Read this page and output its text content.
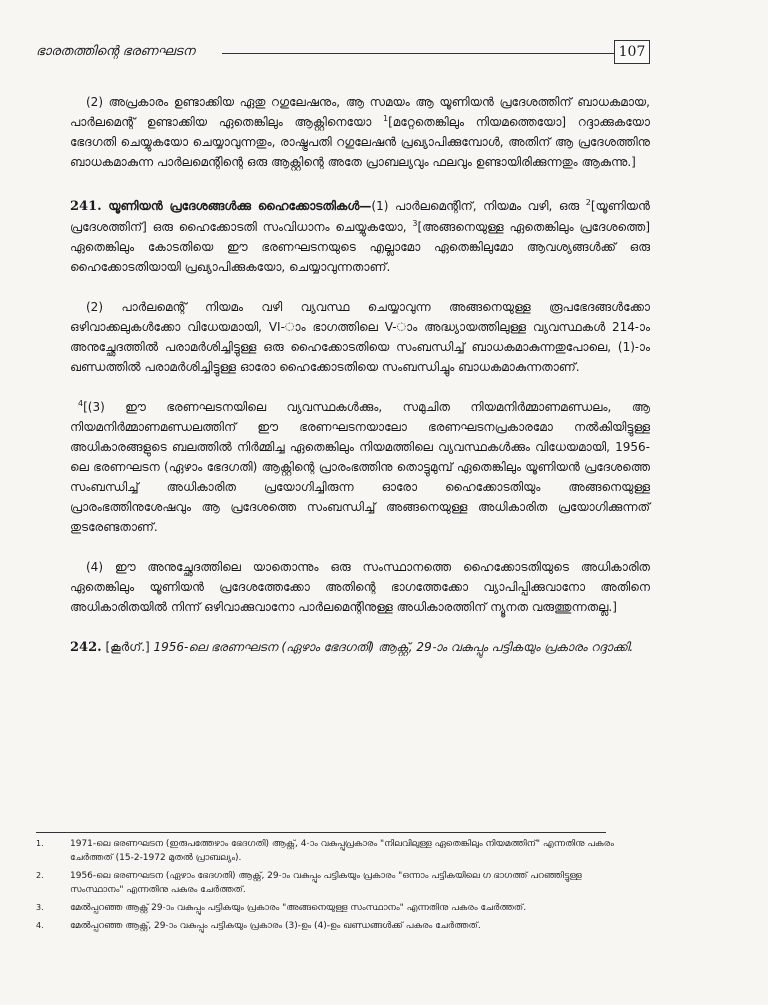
ഭാരതത്തിന്റെ ഭരണഘടന	107

(2) അപ്രകാരം ഉണ്ടാക്കിയ ഏതു റഗുലേഷനും, ആ സമയം ആ യൂണിയൻ പ്രദേശത്തിന് ബാധകമായ, പാർലമെന്റ് ഉണ്ടാക്കിയ ഏതെങ്കിലും ആക്റ്റിനെയോ $^1$[മറ്റേതെങ്കിലും നിയമത്തെയോ] റദ്ദാക്കുകയോ ഭേദഗതി ചെയ്യുകയോ ചെയ്യാവുന്നതും, രാഷ്ട്രപതി റഗുലേഷൻ പ്രഖ്യാപിക്കുമ്പോൾ, അതിന് ആ പ്രദേശത്തിനു ബാധകമാകുന്ന പാർലമെന്റിന്റെ ഒരു ആക്റ്റിന്റെ അതേ പ്രാബല്യവും ഫലവും ഉണ്ടായിരിക്കുന്നതും ആകുന്നു.]

241. യൂണിയൻ പ്രദേശങ്ങൾക്കു ഹൈക്കോടതികൾ—(1) പാർലമെന്റിന്, നിയമം വഴി, ഒരു $^2$[യൂണിയൻ പ്രദേശത്തിന്] ഒരു ഹൈക്കോടതി സംവിധാനം ചെയ്യുകയോ, $^3$[അങ്ങനെയുള്ള ഏതെങ്കിലും പ്രദേശത്തെ] ഏതെങ്കിലും കോടതിയെ ഈ ഭരണഘടനയുടെ എല്ലാമോ ഏതെങ്കിലുമോ ആവശ്യങ്ങൾക്ക് ഒരു ഹൈക്കോടതിയായി പ്രഖ്യാപിക്കുകയോ, ചെയ്യാവുന്നതാണ്.

(2) പാർലമെന്റ് നിയമം വഴി വ്യവസ്ഥ ചെയ്യാവുന്ന അങ്ങനെയുള്ള രൂപഭേദങ്ങൾക്കോ ഒഴിവാക്കലുകൾക്കോ വിധേയമായി, VI-ാം ഭാഗത്തിലെ V-ാം അദ്ധ്യായത്തിലുള്ള വ്യവസ്ഥകൾ 214-ാം അനുച്ഛേദത്തിൽ പരാമർശിച്ചിട്ടുള്ള ഒരു ഹൈക്കോടതിയെ സംബന്ധിച്ച് ബാധകമാകുന്നതുപോലെ, (1)-ാം ഖണ്ഡത്തിൽ പരാമർശിച്ചിട്ടുള്ള ഓരോ ഹൈക്കോടതിയെ സംബന്ധിച്ചും ബാധകമാകുന്നതാണ്.

$^4$[(3) ഈ ഭരണഘടനയിലെ വ്യവസ്ഥകൾക്കും, സമുചിത നിയമനിർമ്മാണമണ്ഡലം, ആ നിയമനിർമ്മാണമണ്ഡലത്തിന് ഈ ഭരണഘടനയാലോ ഭരണഘടനപ്രകാരമോ നൽകിയിട്ടുള്ള അധികാരങ്ങളുടെ ബലത്തിൽ നിർമ്മിച്ച ഏതെങ്കിലും നിയമത്തിലെ വ്യവസ്ഥകൾക്കും വിധേയമായി, 1956-ലെ ഭരണഘടന (ഏഴാം ഭേദഗതി) ആക്റ്റിന്റെ പ്രാരംഭത്തിനു തൊട്ടുമുമ്പ് ഏതെങ്കിലും യൂണിയൻ പ്രദേശത്തെ സംബന്ധിച്ച് അധികാരിത പ്രയോഗിച്ചിരുന്ന ഓരോ ഹൈക്കോടതിയും അങ്ങനെയുള്ള പ്രാരംഭത്തിനുശേഷവും ആ പ്രദേശത്തെ സംബന്ധിച്ച് അങ്ങനെയുള്ള അധികാരിത പ്രയോഗിക്കുന്നത് തുടരേണ്ടതാണ്.

(4) ഈ അനുച്ഛേദത്തിലെ യാതൊന്നും ഒരു സംസ്ഥാനത്തെ ഹൈക്കോടതിയുടെ അധികാരിത ഏതെങ്കിലും യൂണിയൻ പ്രദേശത്തേക്കോ അതിന്റെ ഭാഗത്തേക്കോ വ്യാപിപ്പിക്കുവാനോ അതിനെ അധികാരിതയിൽ നിന്ന് ഒഴിവാക്കുവാനോ പാർലമെന്റിനുള്ള അധികാരത്തിന് ന്യൂനത വരുത്തുന്നതല്ല.]

242. [കൂർഗ്.] 1956-ലെ ഭരണഘടന (ഏഴാം ഭേദഗതി) ആക്റ്റ്, 29-ാം വകുപ്പും പട്ടികയും പ്രകാരം റദ്ദാക്കി.

1.	1971-ലെ ഭരണഘടന (ഇരുപത്തേഴാം ഭേദഗതി) ആക്റ്റ്, 4-ാം വകുപ്പുപ്രകാരം "നിലവിലുള്ള ഏതെങ്കിലും നിയമത്തിന്" എന്നതിനു പകരം ചേർത്തത് (15-2-1972 മുതൽ പ്രാബല്യം).
2.	1956-ലെ ഭരണഘടന (ഏഴാം ഭേദഗതി) ആക്റ്റ്, 29-ാം വകുപ്പും പട്ടികയും പ്രകാരം "ഒന്നാം പട്ടികയിലെ ഗ ഭാഗത്ത് പറഞ്ഞിട്ടുള്ള സംസ്ഥാനം" എന്നതിനു പകരം ചേർത്തത്.
3.	മേൽപ്പറഞ്ഞ ആക്റ്റ് 29-ാം വകുപ്പും പട്ടികയും പ്രകാരം "അങ്ങനെയുള്ള സംസ്ഥാനം" എന്നതിനു പകരം ചേർത്തത്.
4.	മേൽപ്പറഞ്ഞ ആക്റ്റ്, 29-ാം വകുപ്പും പട്ടികയും പ്രകാരം (3)-ഉം (4)-ഉം ഖണ്ഡങ്ങൾക്ക് പകരം ചേർത്തത്.
